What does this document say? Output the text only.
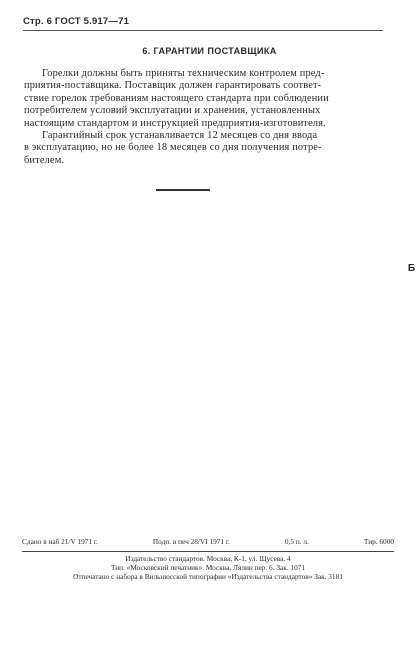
Стр. 6 ГОСТ 5.917—71
6. ГАРАНТИИ ПОСТАВЩИКА

Горелки должны быть приняты техническим контролем пред-
приятия-поставщика. Поставщик должен гарантировать соответ-
ствие горелок требованиям настоящего стандарта при соблюдении
потребителем условий эксплуатации и хранения, установленных
настоящим стандартом и инструкцией предприятия-изготовителя.

Гарантийный срок устанавливается 12 месяцев со дня ввода
в эксплуатацию, но не более 18 месяцев со дня получения потре-
бителем.

Б
Сдано в наб 21/V 1971 г.	Подп. в печ 28/VI 1971 г.	0,5 п. л.	Тир. 6000
Издательство стандартов. Москва, К-1, ул. Щусева, 4
Тип. «Московский печатник». Москва, Лялин пер. 6. Зак. 1071
Отпечатано с набора в Вильнюсской типографии «Издательства стандартов» Зак. 3181
